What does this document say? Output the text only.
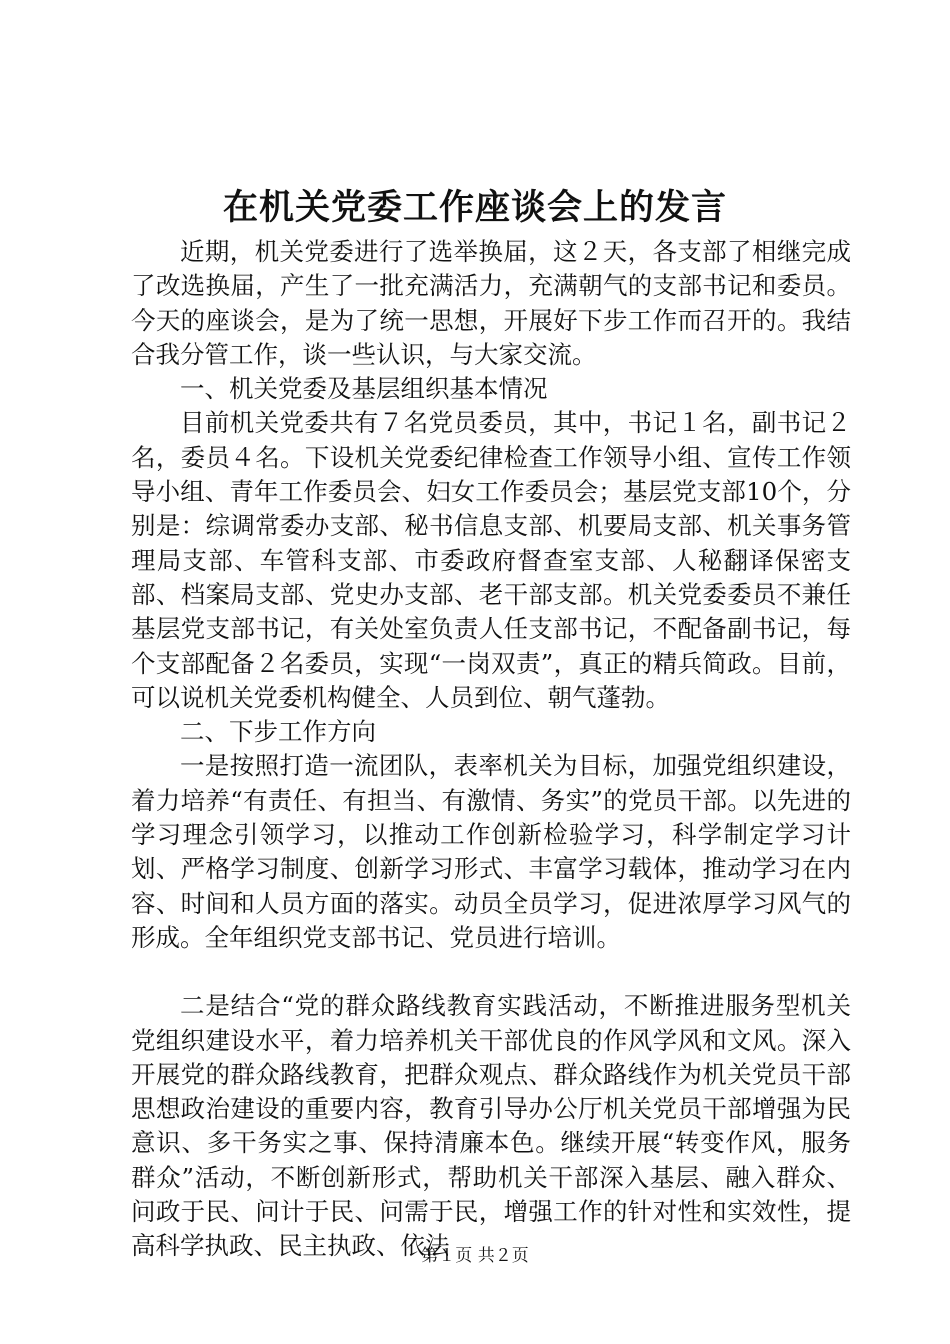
在机关党委工作座谈会上的发言

近期，机关党委进行了选举换届，这２天，各支部了相继完成了改选换届，产生了一批充满活力，充满朝气的支部书记和委员。今天的座谈会，是为了统一思想，开展好下步工作而召开的。我结合我分管工作，谈一些认识，与大家交流。

一、机关党委及基层组织基本情况

目前机关党委共有７名党员委员，其中，书记１名，副书记２名，委员４名。下设机关党委纪律检查工作领导小组、宣传工作领导小组、青年工作委员会、妇女工作委员会；基层党支部10个，分别是：综调常委办支部、秘书信息支部、机要局支部、机关事务管理局支部、车管科支部、市委政府督查室支部、人秘翻译保密支部、档案局支部、党史办支部、老干部支部。机关党委委员不兼任基层党支部书记，有关处室负责人任支部书记，不配备副书记，每个支部配备２名委员，实现“一岗双责”，真正的精兵简政。目前，可以说机关党委机构健全、人员到位、朝气蓬勃。

二、下步工作方向

一是按照打造一流团队，表率机关为目标，加强党组织建设，着力培养“有责任、有担当、有激情、务实”的党员干部。以先进的学习理念引领学习，以推动工作创新检验学习，科学制定学习计划、严格学习制度、创新学习形式、丰富学习载体，推动学习在内容、时间和人员方面的落实。动员全员学习，促进浓厚学习风气的形成。全年组织党支部书记、党员进行培训。

二是结合“党的群众路线教育实践活动，不断推进服务型机关党组织建设水平，着力培养机关干部优良的作风学风和文风。深入开展党的群众路线教育，把群众观点、群众路线作为机关党员干部思想政治建设的重要内容，教育引导办公厅机关党员干部增强为民意识、多干务实之事、保持清廉本色。继续开展“转变作风，服务群众”活动，不断创新形式，帮助机关干部深入基层、融入群众、问政于民、问计于民、问需于民，增强工作的针对性和实效性，提高科学执政、民主执政、依法

第１页 共２页
